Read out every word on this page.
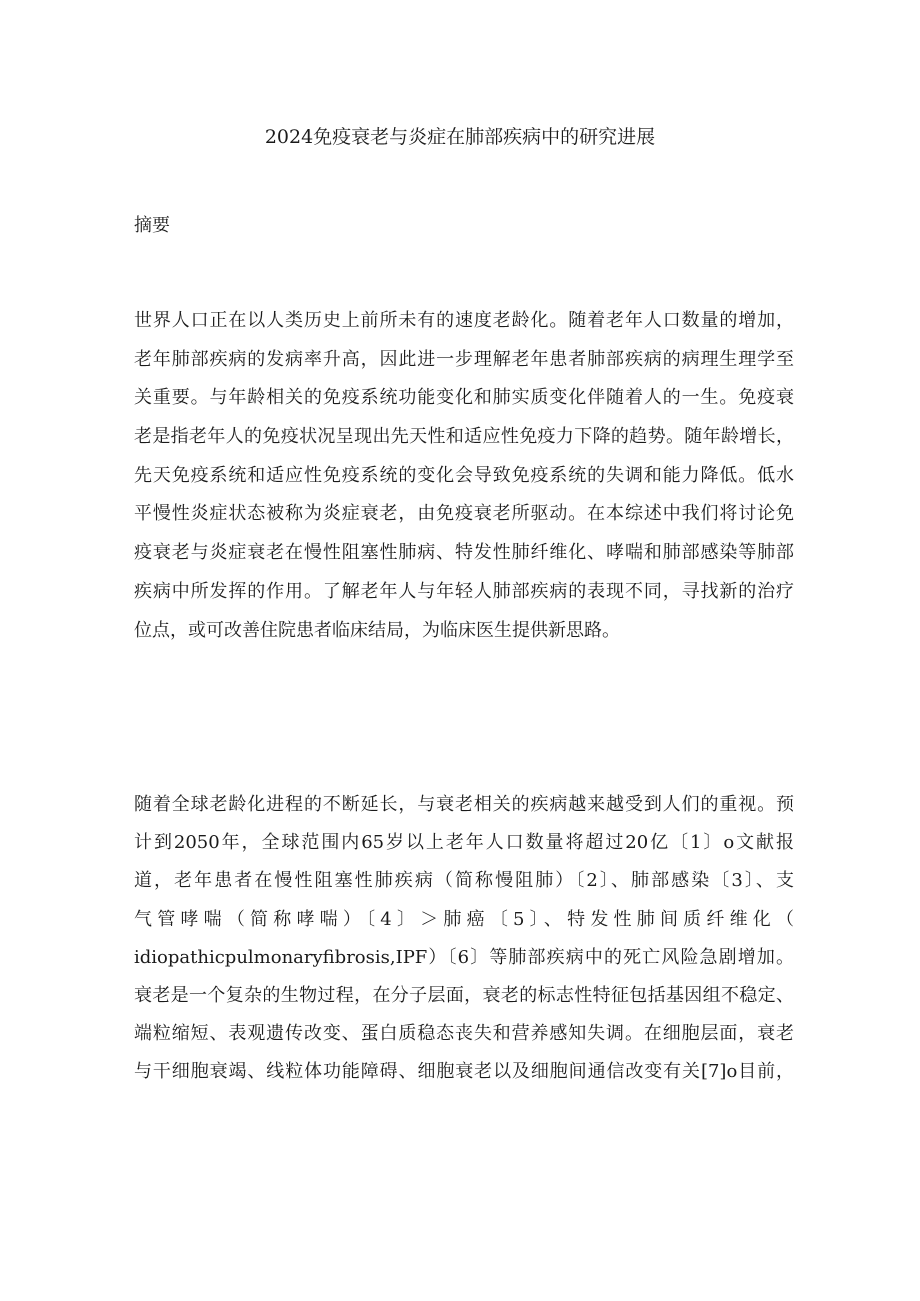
2024免疫衰老与炎症在肺部疾病中的研究进展
摘要
世界人口正在以人类历史上前所未有的速度老龄化。随着老年人口数量的增加，
老年肺部疾病的发病率升高，因此进一步理解老年患者肺部疾病的病理生理学至
关重要。与年龄相关的免疫系统功能变化和肺实质变化伴随着人的一生。免疫衰
老是指老年人的免疫状况呈现出先天性和适应性免疫力下降的趋势。随年龄增长，
先天免疫系统和适应性免疫系统的变化会导致免疫系统的失调和能力降低。低水
平慢性炎症状态被称为炎症衰老，由免疫衰老所驱动。在本综述中我们将讨论免
疫衰老与炎症衰老在慢性阻塞性肺病、特发性肺纤维化、哮喘和肺部感染等肺部
疾病中所发挥的作用。了解老年人与年轻人肺部疾病的表现不同，寻找新的治疗
位点，或可改善住院患者临床结局，为临床医生提供新思路。
随着全球老龄化进程的不断延长，与衰老相关的疾病越来越受到人们的重视。预
计到2050年，全球范围内65岁以上老年人口数量将超过20亿〔1〕o文献报
道，老年患者在慢性阻塞性肺疾病（简称慢阻肺）〔2〕、肺部感染〔3〕、支
气管哮喘（简称哮喘）〔4〕＞肺癌〔5〕、特发性肺间质纤维化（
idiopathicpulmonaryfibrosis,IPF）〔6〕等肺部疾病中的死亡风险急剧增加。
衰老是一个复杂的生物过程，在分子层面，衰老的标志性特征包括基因组不稳定、
端粒缩短、表观遗传改变、蛋白质稳态丧失和营养感知失调。在细胞层面，衰老
与干细胞衰竭、线粒体功能障碍、细胞衰老以及细胞间通信改变有关[7]o目前，
